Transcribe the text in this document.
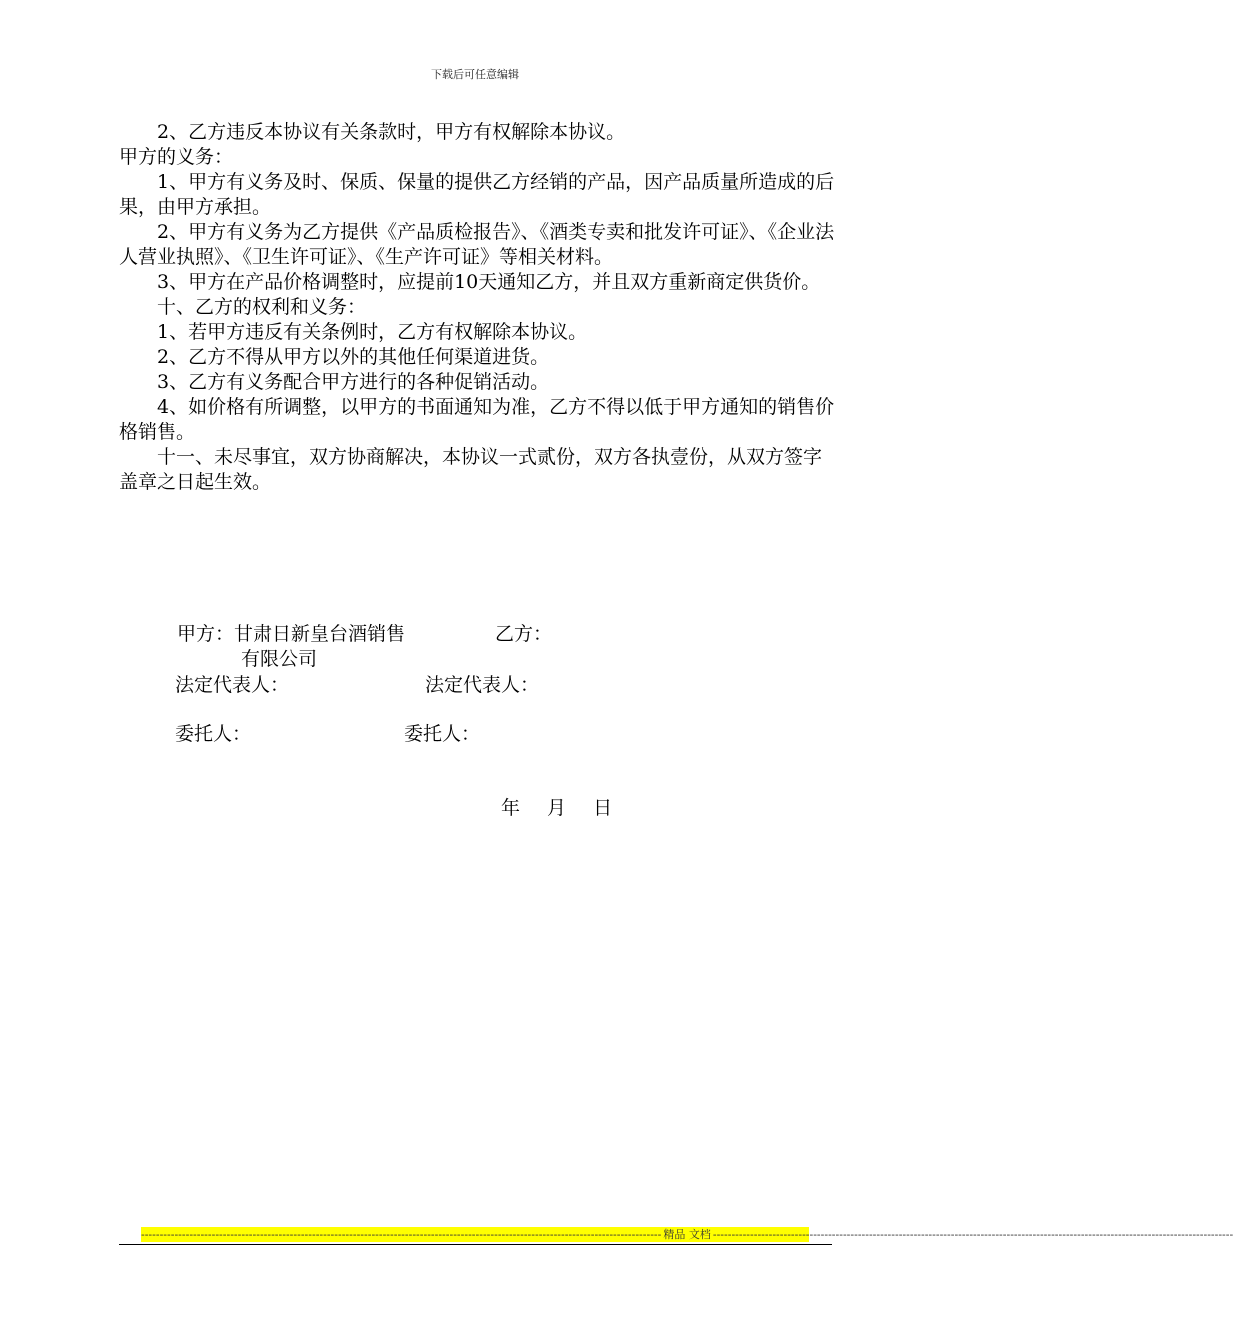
下载后可任意编辑

2、乙方违反本协议有关条款时，甲方有权解除本协议。

甲方的义务：

1、甲方有义务及时、保质、保量的提供乙方经销的产品，因产品质量所造成的后果，由甲方承担。

2、甲方有义务为乙方提供《产品质检报告》、《酒类专卖和批发许可证》、《企业法人营业执照》、《卫生许可证》、《生产许可证》等相关材料。

3、甲方在产品价格调整时，应提前10天通知乙方，并且双方重新商定供货价。

十、乙方的权利和义务：

1、若甲方违反有关条例时，乙方有权解除本协议。

2、乙方不得从甲方以外的其他任何渠道进货。

3、乙方有义务配合甲方进行的各种促销活动。

4、如价格有所调整，以甲方的书面通知为准，乙方不得以低于甲方通知的销售价格销售。

十一、未尽事宜，双方协商解决，本协议一式贰份，双方各执壹份，从双方签字盖章之日起生效。

甲方：甘肃日新皇台酒销售	乙方：
有限公司
法定代表人：	法定代表人：
委托人：	委托人：
年　 月　 日
-------------------------------------------------------------------------------------------------------------------------------------------- 精品 文档 --------------------------------------------------------------------------------------------------------------------------------------------
